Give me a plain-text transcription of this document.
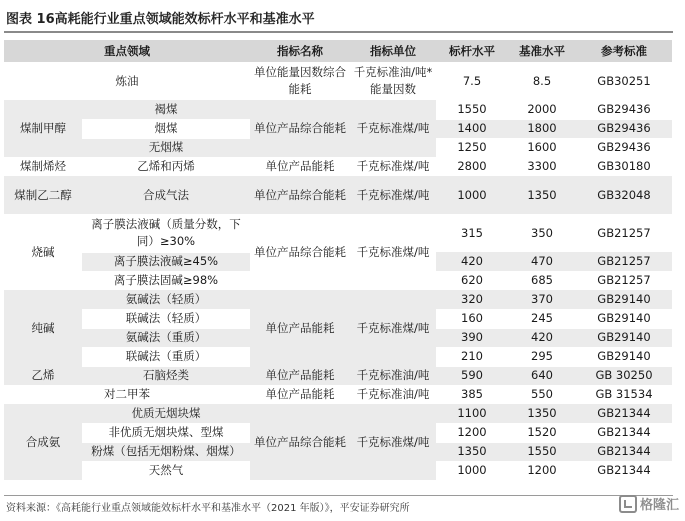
图表 16高耗能行业重点领域能效标杆水平和基准水平
重点领域		指标名称	指标单位	标杆水平	基准水平	参考标准
炼油		单位能量因数综合能耗	千克标准油/吨*能量因数	7.5	8.5	GB30251
煤制甲醇	褐煤	单位产品综合能耗	千克标准煤/吨	1550	2000	GB29436
	烟煤			1400	1800	GB29436
	无烟煤			1250	1600	GB29436
煤制烯烃	乙烯和丙烯	单位产品能耗	千克标准煤/吨	2800	3300	GB30180
煤制乙二醇	合成气法	单位产品综合能耗	千克标准煤/吨	1000	1350	GB32048
烧碱	离子膜法液碱（质量分数，下同）≥30%	单位产品综合能耗	千克标准煤/吨	315	350	GB21257
	离子膜法液碱≥45%			420	470	GB21257
	离子膜法固碱≥98%			620	685	GB21257
纯碱	氨碱法（轻质）	单位产品能耗	千克标准煤/吨	320	370	GB29140
	联碱法（轻质）			160	245	GB29140
	氨碱法（重质）			390	420	GB29140
	联碱法（重质）			210	295	GB29140
乙烯	石脑烃类	单位产品能耗	千克标准油/吨	590	640	GB 30250
对二甲苯		单位产品能耗	千克标准油/吨	385	550	GB 31534
合成氨	优质无烟块煤	单位产品综合能耗	千克标准煤/吨	1100	1350	GB21344
	非优质无烟块煤、型煤			1200	1520	GB21344
	粉煤（包括无烟粉煤、烟煤）			1350	1550	GB21344
	天然气			1000	1200	GB21344
资料来源：《高耗能行业重点领域能效标杆水平和基准水平（2021 年版）》，平安证券研究所	格隆汇
